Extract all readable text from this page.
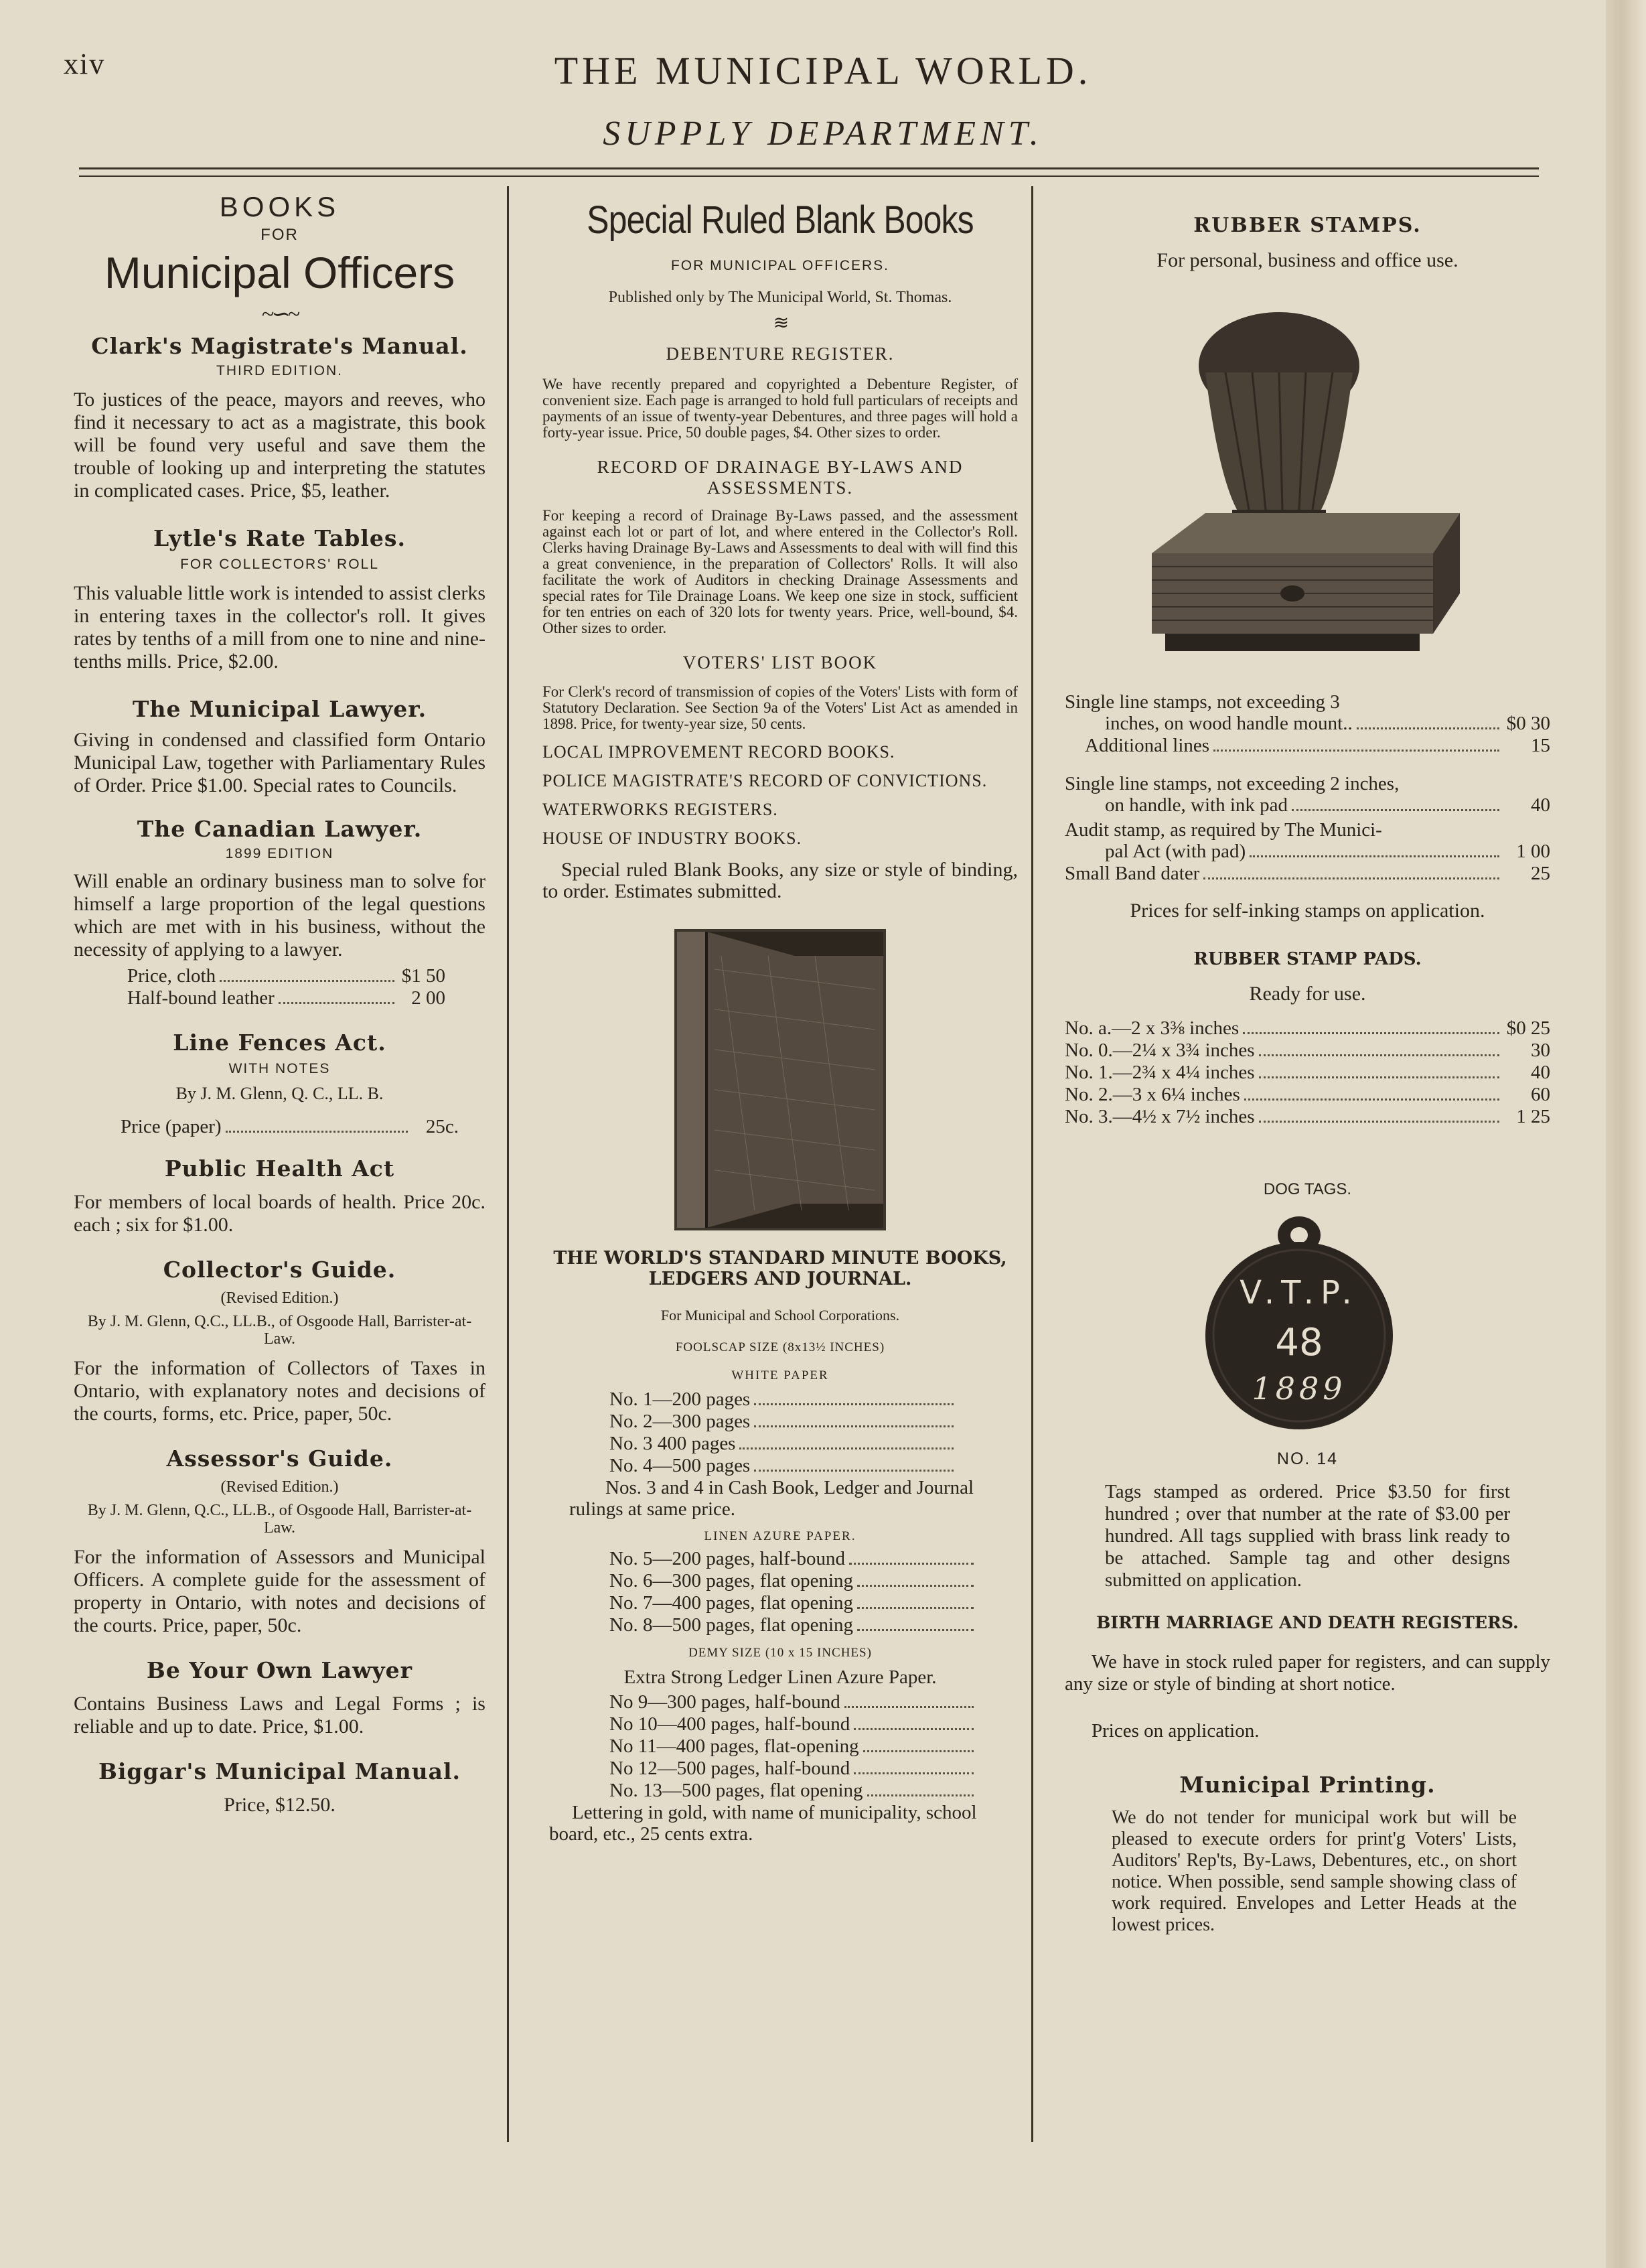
xiv	THE MUNICIPAL WORLD.
SUPPLY DEPARTMENT.
BOOKS
FOR
Municipal Officers
~∽~
Clark's Magistrate's Manual.
THIRD EDITION.

To justices of the peace, mayors and reeves, who find it necessary to act as a magistrate, this book will be found very useful and save them the trouble of looking up and interpreting the statutes in complicated cases. Price, $5, leather.

Lytle's Rate Tables.
FOR COLLECTORS' ROLL

This valuable little work is intended to assist clerks in entering taxes in the collector's roll. It gives rates by tenths of a mill from one to nine and nine-tenths mills. Price, $2.00.

The Municipal Lawyer.

Giving in condensed and classified form Ontario Municipal Law, together with Parliamentary Rules of Order. Price $1.00. Special rates to Councils.

The Canadian Lawyer.
1899 EDITION

Will enable an ordinary business man to solve for himself a large proportion of the legal questions which are met with in his business, without the necessity of applying to a lawyer.

Price, cloth	$1 50
Half-bound leather	2 00
Line Fences Act.
WITH NOTES
By J. M. Glenn, Q. C., LL. B.
Price (paper)	25c.
Public Health Act

For members of local boards of health. Price 20c. each ; six for $1.00.

Collector's Guide.
(Revised Edition.)
By J. M. Glenn, Q.C., LL.B., of Osgoode Hall, Barrister-at-Law.

For the information of Collectors of Taxes in Ontario, with explanatory notes and decisions of the courts, forms, etc. Price, paper, 50c.

Assessor's Guide.
(Revised Edition.)
By J. M. Glenn, Q.C., LL.B., of Osgoode Hall, Barrister-at-Law.

For the information of Assessors and Municipal Officers. A complete guide for the assessment of property in Ontario, with notes and decisions of the courts. Price, paper, 50c.

Be Your Own Lawyer

Contains Business Laws and Legal Forms ; is reliable and up to date. Price, $1.00.

Biggar's Municipal Manual.

Price, $12.50.

Special Ruled Blank Books
FOR MUNICIPAL OFFICERS.

Published only by The Municipal World, St. Thomas.

≋
DEBENTURE REGISTER.

We have recently prepared and copyrighted a Debenture Register, of convenient size. Each page is arranged to hold full particulars of receipts and payments of an issue of twenty-year Debentures, and three pages will hold a forty-year issue. Price, 50 double pages, $4. Other sizes to order.

RECORD OF DRAINAGE BY-LAWS AND ASSESSMENTS.

For keeping a record of Drainage By-Laws passed, and the assessment against each lot or part of lot, and where entered in the Collector's Roll. Clerks having Drainage By-Laws and Assessments to deal with will find this a great convenience, in the preparation of Collectors' Rolls. It will also facilitate the work of Auditors in checking Drainage Assessments and special rates for Tile Drainage Loans. We keep one size in stock, sufficient for ten entries on each of 320 lots for twenty years. Price, well-bound, $4. Other sizes to order.

VOTERS' LIST BOOK

For Clerk's record of transmission of copies of the Voters' Lists with form of Statutory Declaration. See Section 9a of the Voters' List Act as amended in 1898. Price, for twenty-year size, 50 cents.

LOCAL IMPROVEMENT RECORD BOOKS.
POLICE MAGISTRATE'S RECORD OF CONVICTIONS.
WATERWORKS REGISTERS.
HOUSE OF INDUSTRY BOOKS.

Special ruled Blank Books, any size or style of binding, to order. Estimates submitted.

THE WORLD'S STANDARD MINUTE BOOKS, LEDGERS AND JOURNAL.

For Municipal and School Corporations.

FOOLSCAP SIZE (8x13½ INCHES)
WHITE PAPER
No. 1—200 pages
No. 2—300 pages
No. 3 400 pages
No. 4—500 pages

Nos. 3 and 4 in Cash Book, Ledger and Journal rulings at same price.

LINEN AZURE PAPER.
No. 5—200 pages, half-bound
No. 6—300 pages, flat opening
No. 7—400 pages, flat opening
No. 8—500 pages, flat opening
DEMY SIZE (10 x 15 INCHES)

Extra Strong Ledger Linen Azure Paper.

No 9—300 pages, half-bound
No 10—400 pages, half-bound
No 11—400 pages, flat-opening
No 12—500 pages, half-bound
No. 13—500 pages, flat opening

Lettering in gold, with name of municipality, school board, etc., 25 cents extra.

RUBBER STAMPS.

For personal, business and office use.

Single line stamps, not exceeding 3
inches, on wood handle mount..	$0 30
Additional lines	15
Single line stamps, not exceeding 2 inches,
on handle, with ink pad	40
Audit stamp, as required by The Munici-
pal Act (with pad)	1 00
Small Band dater	25

Prices for self-inking stamps on application.

RUBBER STAMP PADS.

Ready for use.

No. a.—2 x 3⅜ inches	$0 25
No. 0.—2¼ x 3¾ inches	30
No. 1.—2¾ x 4¼ inches	40
No. 2.—3 x 6¼ inches	60
No. 3.—4½ x 7½ inches	1 25
DOG TAGS.
V.T.P.
48
1889
NO. 14

Tags stamped as ordered. Price $3.50 for first hundred ; over that number at the rate of $3.00 per hundred. All tags supplied with brass link ready to be attached. Sample tag and other designs submitted on application.

BIRTH MARRIAGE AND DEATH REGISTERS.

We have in stock ruled paper for registers, and can supply any size or style of binding at short notice.

Prices on application.

Municipal Printing.

We do not tender for municipal work but will be pleased to execute orders for print'g Voters' Lists, Auditors' Rep'ts, By-Laws, Debentures, etc., on short notice. When possible, send sample showing class of work required. Envelopes and Letter Heads at the lowest prices.
